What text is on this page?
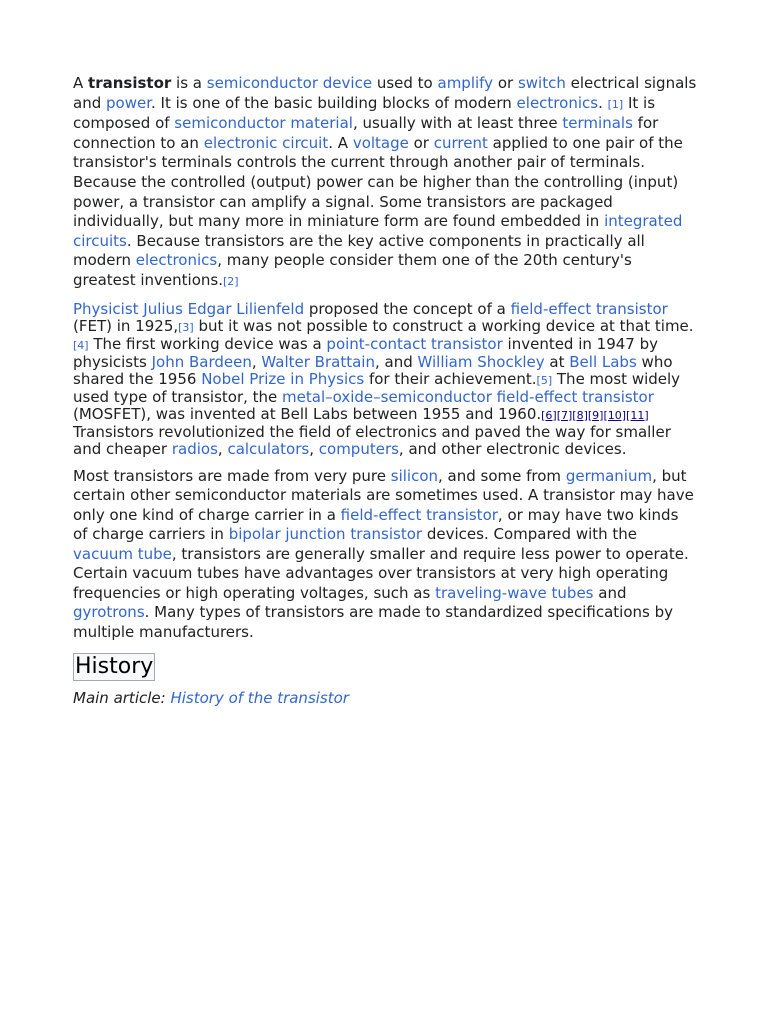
A transistor is a semiconductor device used to amplify or switch electrical signals and power. It is one of the basic building blocks of modern electronics. [1] It is composed of semiconductor material, usually with at least three terminals for connection to an electronic circuit. A voltage or current applied to one pair of the transistor's terminals controls the current through another pair of terminals. Because the controlled (output) power can be higher than the controlling (input) power, a transistor can amplify a signal. Some transistors are packaged individually, but many more in miniature form are found embedded in integrated circuits. Because transistors are the key active components in practically all modern electronics, many people consider them one of the 20th century's greatest inventions.[2]

Physicist Julius Edgar Lilienfeld proposed the concept of a field-effect transistor (FET) in 1925,[3] but it was not possible to construct a working device at that time.[4] The first working device was a point-contact transistor invented in 1947 by physicists John Bardeen, Walter Brattain, and William Shockley at Bell Labs who shared the 1956 Nobel Prize in Physics for their achievement.[5] The most widely used type of transistor, the metal–oxide–semiconductor field-effect transistor (MOSFET), was invented at Bell Labs between 1955 and 1960.[6][7][8][9][10][11] Transistors revolutionized the field of electronics and paved the way for smaller and cheaper radios, calculators, computers, and other electronic devices.

Most transistors are made from very pure silicon, and some from germanium, but certain other semiconductor materials are sometimes used. A transistor may have only one kind of charge carrier in a field-effect transistor, or may have two kinds of charge carriers in bipolar junction transistor devices. Compared with the vacuum tube, transistors are generally smaller and require less power to operate. Certain vacuum tubes have advantages over transistors at very high operating frequencies or high operating voltages, such as traveling-wave tubes and gyrotrons. Many types of transistors are made to standardized specifications by multiple manufacturers.

History
Main article: History of the transistor
